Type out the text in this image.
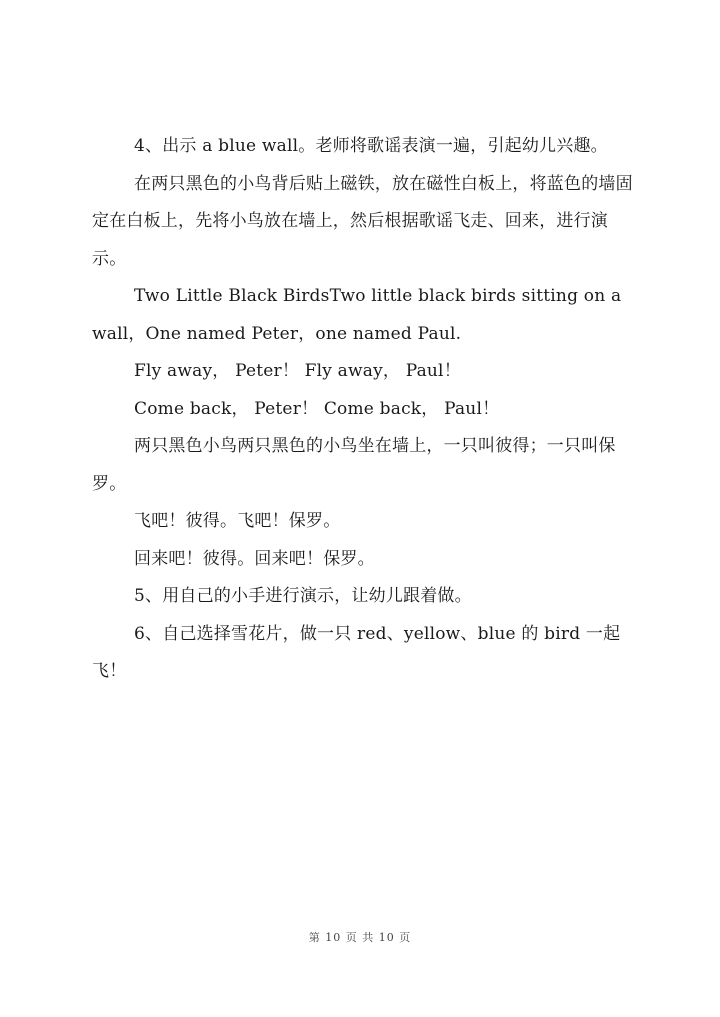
4、出示 a blue wall。老师将歌谣表演一遍，引起幼儿兴趣。

在两只黑色的小鸟背后贴上磁铁，放在磁性白板上，将蓝色的墙固定在白板上，先将小鸟放在墙上，然后根据歌谣飞走、回来，进行演示。

Two Little Black BirdsTwo little black birds sitting on a wall，One named Peter，one named Paul.

Fly away， Peter！ Fly away， Paul！

Come back， Peter！ Come back， Paul！

两只黑色小鸟两只黑色的小鸟坐在墙上，一只叫彼得；一只叫保罗。

飞吧！彼得。飞吧！保罗。

回来吧！彼得。回来吧！保罗。

5、用自己的小手进行演示，让幼儿跟着做。

6、自己选择雪花片，做一只 red、yellow、blue 的 bird 一起飞！

第 10 页 共 10 页
